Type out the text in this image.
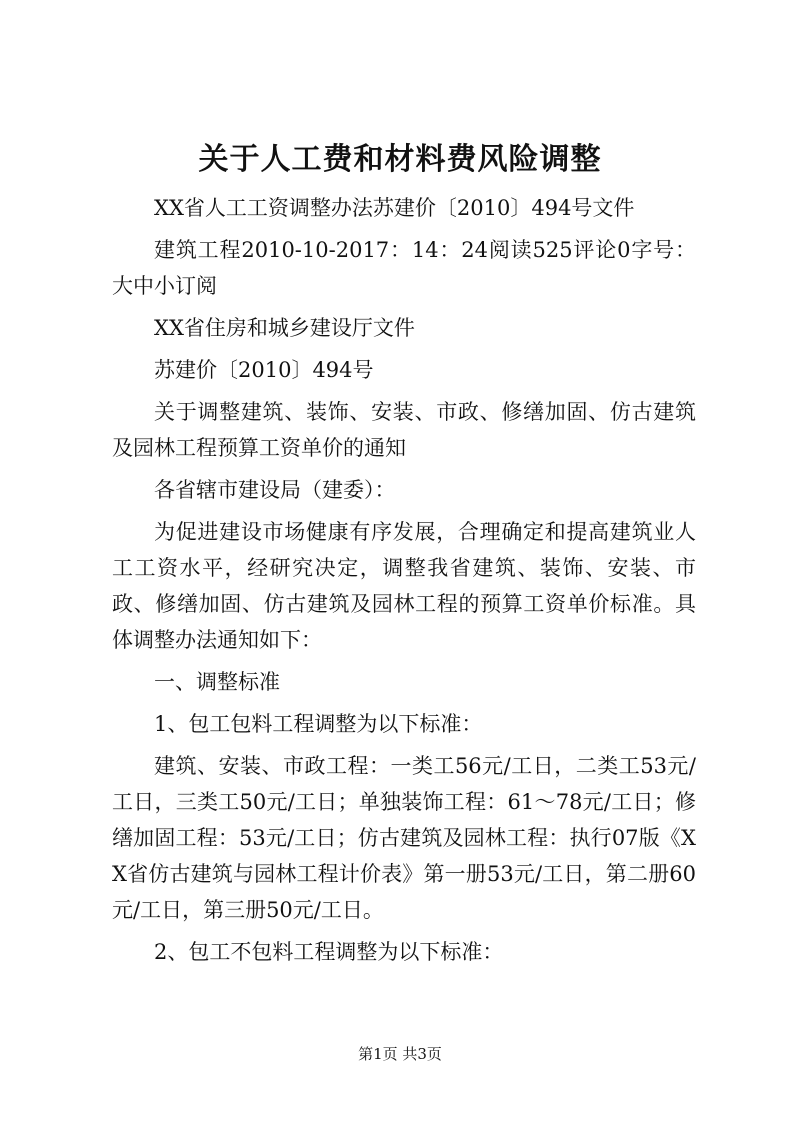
关于人工费和材料费风险调整

XX省人工工资调整办法苏建价〔2010〕494号文件

建筑工程2010-10-2017：14：24阅读525评论0字号：大中小订阅

XX省住房和城乡建设厅文件

苏建价〔2010〕494号

关于调整建筑、装饰、安装、市政、修缮加固、仿古建筑及园林工程预算工资单价的通知

各省辖市建设局（建委）：

为促进建设市场健康有序发展，合理确定和提高建筑业人工工资水平，经研究决定，调整我省建筑、装饰、安装、市政、修缮加固、仿古建筑及园林工程的预算工资单价标准。具体调整办法通知如下：

一、调整标准

1、包工包料工程调整为以下标准：

建筑、安装、市政工程：一类工56元/工日，二类工53元/工日，三类工50元/工日；单独装饰工程：61～78元/工日；修缮加固工程：53元/工日；仿古建筑及园林工程：执行07版《XX省仿古建筑与园林工程计价表》第一册53元/工日，第二册60元/工日，第三册50元/工日。

2、包工不包料工程调整为以下标准：

第1页 共3页
